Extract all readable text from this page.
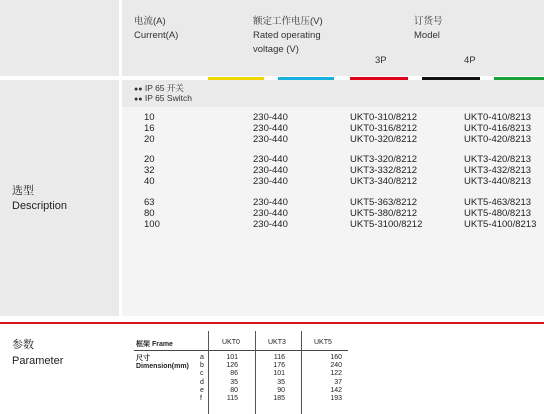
电流(A)
Current(A)
额定工作电压(V)
Rated operating
voltage (V)
订货号
Model
3P	4P
●● IP 65 开关
●● IP 65 Switch
选型
Description
10	230-440	UKT0-310/8212	UKT0-410/8213
16	230-440	UKT0-316/8212	UKT0-416/8213
20	230-440	UKT0-320/8212	UKT0-420/8213
20	230-440	UKT3-320/8212	UKT3-420/8213
32	230-440	UKT3-332/8212	UKT3-432/8213
40	230-440	UKT3-340/8212	UKT3-440/8213
63	230-440	UKT5-363/8212	UKT5-463/8213
80	230-440	UKT5-380/8212	UKT5-480/8213
100	230-440	UKT5-3100/8212	UKT5-4100/8213
参数
Parameter
框架 Frame	UKT0	UKT3	UKT5
尺寸
Dimension(mm)
a	101	116	160
b	126	176	240
c	86	101	122
d	35	35	37
e	80	90	142
f	115	185	193
